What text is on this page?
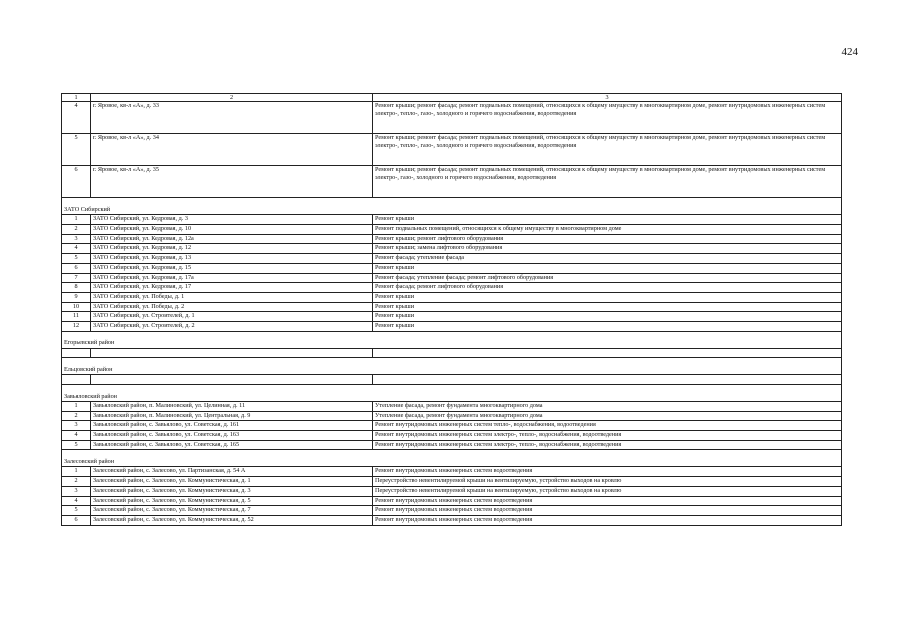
424
1	2	3
4	г. Яровое, кв-л «А», д. 33	Ремонт крыши; ремонт фасада; ремонт подвальных помещений, относящихся к общему имуществу в многоквартирном доме, ремонт внутридомовых инженерных систем электро-, тепло-, газо-, холодного и горячего водоснабжения, водоотведения
5	г. Яровое, кв-л «А», д. 34	Ремонт крыши; ремонт фасада; ремонт подвальных помещений, относящихся к общему имуществу в многоквартирном доме, ремонт внутридомовых инженерных систем электро-, тепло-, газо-, холодного и горячего водоснабжения, водоотведения
6	г. Яровое, кв-л «А», д. 35	Ремонт крыши; ремонт фасада; ремонт подвальных помещений, относящихся к общему имуществу в многоквартирном доме, ремонт внутридомовых инженерных систем электро-, газо-, холодного и горячего водоснабжения, водоотведения
ЗАТО Сибирский		
1	ЗАТО Сибирский, ул. Кедровая, д. 3	Ремонт крыши
2	ЗАТО Сибирский, ул. Кедровая, д. 10	Ремонт подвальных помещений, относящихся к общему имуществу в многоквартирном доме
3	ЗАТО Сибирский, ул. Кедровая, д. 12а	Ремонт крыши; ремонт лифтового оборудования
4	ЗАТО Сибирский, ул. Кедровая, д. 12	Ремонт крыши; замена лифтового оборудования
5	ЗАТО Сибирский, ул. Кедровая, д. 13	Ремонт фасада; утепление фасада
6	ЗАТО Сибирский, ул. Кедровая, д. 15	Ремонт крыши
7	ЗАТО Сибирский, ул. Кедровая, д. 17а	Ремонт фасада; утепление фасада; ремонт лифтового оборудования
8	ЗАТО Сибирский, ул. Кедровая, д. 17	Ремонт фасада; ремонт лифтового оборудования
9	ЗАТО Сибирский, ул. Победы, д. 1	Ремонт крыши
10	ЗАТО Сибирский, ул. Победы, д. 2	Ремонт крыши
11	ЗАТО Сибирский, ул. Строителей, д. 1	Ремонт крыши
12	ЗАТО Сибирский, ул. Строителей, д. 2	Ремонт крыши
Егорьевский район		

Ельцовский район		

Завьяловский район		
1	Завьяловский район, п. Малиновский, ул. Целинная, д. 11	Утепление фасада, ремонт фундамента многоквартирного дома
2	Завьяловский район, п. Малиновский, ул. Центральная, д. 9	Утепление фасада, ремонт фундамента многоквартирного дома
3	Завьяловский район, с. Завьялово, ул. Советская, д. 161	Ремонт внутридомовых инженерных систем тепло-, водоснабжения, водоотведения
4	Завьяловский район, с. Завьялово, ул. Советская, д. 163	Ремонт внутридомовых инженерных систем электро-, тепло-, водоснабжения, водоотведения
5	Завьяловский район, с. Завьялово, ул. Советская, д. 165	Ремонт внутридомовых инженерных систем электро-, тепло-, водоснабжения, водоотведения
Залесовский район		
1	Залесовский район, с. Залесово, ул. Партизанская, д. 54 А	Ремонт внутридомовых инженерных систем водоотведения
2	Залесовский район, с. Залесово, ул. Коммунистическая, д. 1	Переустройство невентилируемой крыши на вентилируемую, устройство выходов на кровлю
3	Залесовский район, с. Залесово, ул. Коммунистическая, д. 3	Переустройство невентилируемой крыши на вентилируемую, устройство выходов на кровлю
4	Залесовский район, с. Залесово, ул. Коммунистическая, д. 5	Ремонт внутридомовых инженерных систем водоотведения
5	Залесовский район, с. Залесово, ул. Коммунистическая, д. 7	Ремонт внутридомовых инженерных систем водоотведения
6	Залесовский район, с. Залесово, ул. Коммунистическая, д. 52	Ремонт внутридомовых инженерных систем водоотведения
